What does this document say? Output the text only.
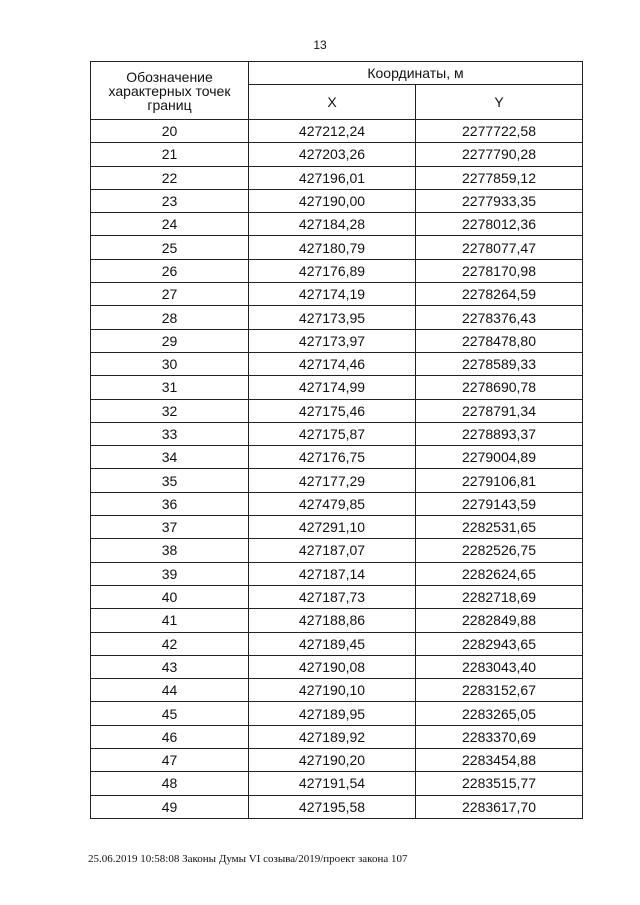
13
Обозначение характерных точек границ	Координаты, м	
	X	Y
20	427212,24	2277722,58
21	427203,26	2277790,28
22	427196,01	2277859,12
23	427190,00	2277933,35
24	427184,28	2278012,36
25	427180,79	2278077,47
26	427176,89	2278170,98
27	427174,19	2278264,59
28	427173,95	2278376,43
29	427173,97	2278478,80
30	427174,46	2278589,33
31	427174,99	2278690,78
32	427175,46	2278791,34
33	427175,87	2278893,37
34	427176,75	2279004,89
35	427177,29	2279106,81
36	427479,85	2279143,59
37	427291,10	2282531,65
38	427187,07	2282526,75
39	427187,14	2282624,65
40	427187,73	2282718,69
41	427188,86	2282849,88
42	427189,45	2282943,65
43	427190,08	2283043,40
44	427190,10	2283152,67
45	427189,95	2283265,05
46	427189,92	2283370,69
47	427190,20	2283454,88
48	427191,54	2283515,77
49	427195,58	2283617,70
25.06.2019 10:58:08 Законы Думы VI созыва/2019/проект закона 107
